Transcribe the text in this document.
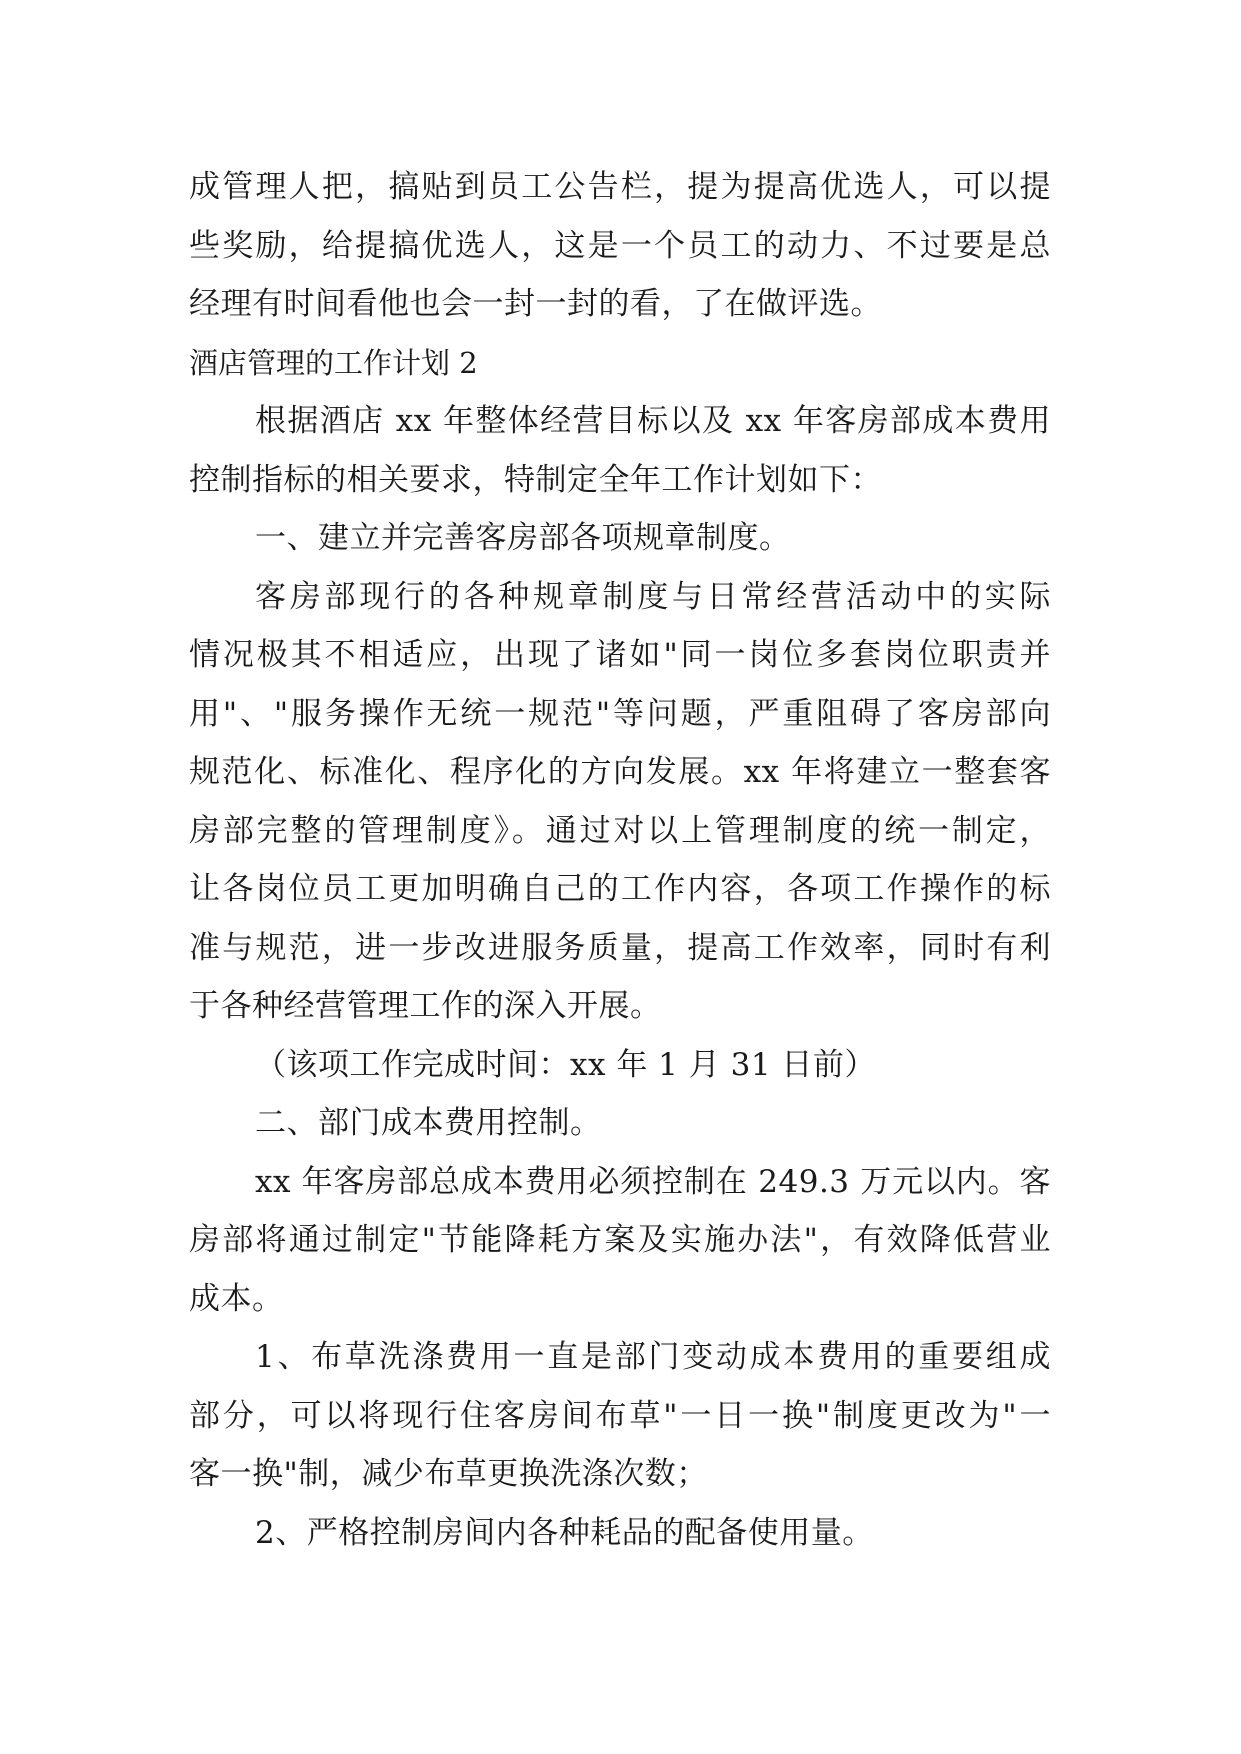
成管理人把，搞贴到员工公告栏，提为提高优选人，可以提
些奖励，给提搞优选人，这是一个员工的动力、不过要是总
经理有时间看他也会一封一封的看，了在做评选。
酒店管理的工作计划 2
根据酒店 xx 年整体经营目标以及 xx 年客房部成本费用
控制指标的相关要求，特制定全年工作计划如下：
一、建立并完善客房部各项规章制度。
客房部现行的各种规章制度与日常经营活动中的实际
情况极其不相适应，出现了诸如"同一岗位多套岗位职责并
用"、"服务操作无统一规范"等问题，严重阻碍了客房部向
规范化、标准化、程序化的方向发展。xx 年将建立一整套客
房部完整的管理制度》。通过对以上管理制度的统一制定，
让各岗位员工更加明确自己的工作内容，各项工作操作的标
准与规范，进一步改进服务质量，提高工作效率，同时有利
于各种经营管理工作的深入开展。
（该项工作完成时间：xx 年 1 月 31 日前）
二、部门成本费用控制。
xx 年客房部总成本费用必须控制在 249.3 万元以内。客
房部将通过制定"节能降耗方案及实施办法"，有效降低营业
成本。
1、布草洗涤费用一直是部门变动成本费用的重要组成
部分，可以将现行住客房间布草"一日一换"制度更改为"一
客一换"制，减少布草更换洗涤次数；
2、严格控制房间内各种耗品的配备使用量。
